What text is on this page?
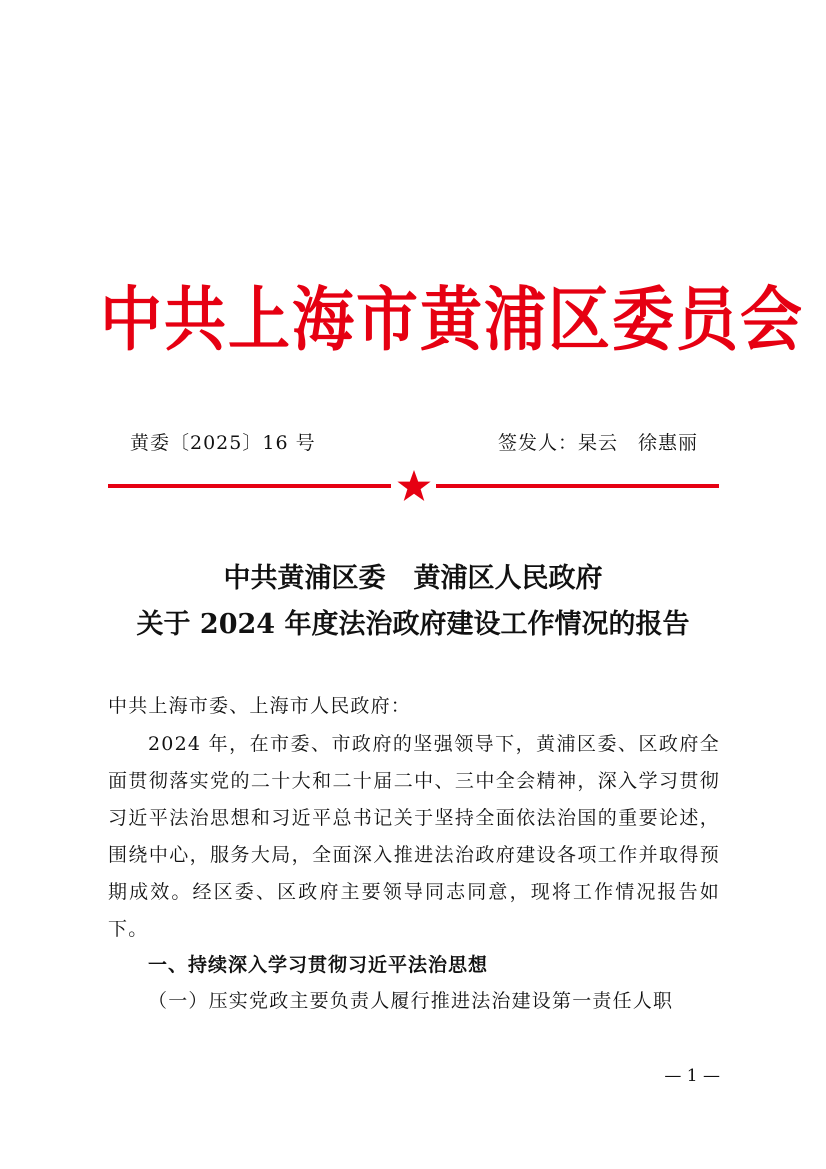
中共上海市黄浦区委员会
黄委〔2025〕16 号	签发人：杲云　徐惠丽
中共黄浦区委 黄浦区人民政府
关于 2024 年度法治政府建设工作情况的报告
中共上海市委、上海市人民政府：
2024 年，在市委、市政府的坚强领导下，黄浦区委、区政府全面贯彻落实党的二十大和二十届二中、三中全会精神，深入学习贯彻习近平法治思想和习近平总书记关于坚持全面依法治国的重要论述，围绕中心，服务大局，全面深入推进法治政府建设各项工作并取得预期成效。经区委、区政府主要领导同志同意，现将工作情况报告如下。
一、持续深入学习贯彻习近平法治思想
（一）压实党政主要负责人履行推进法治建设第一责任人职
— 1 —
